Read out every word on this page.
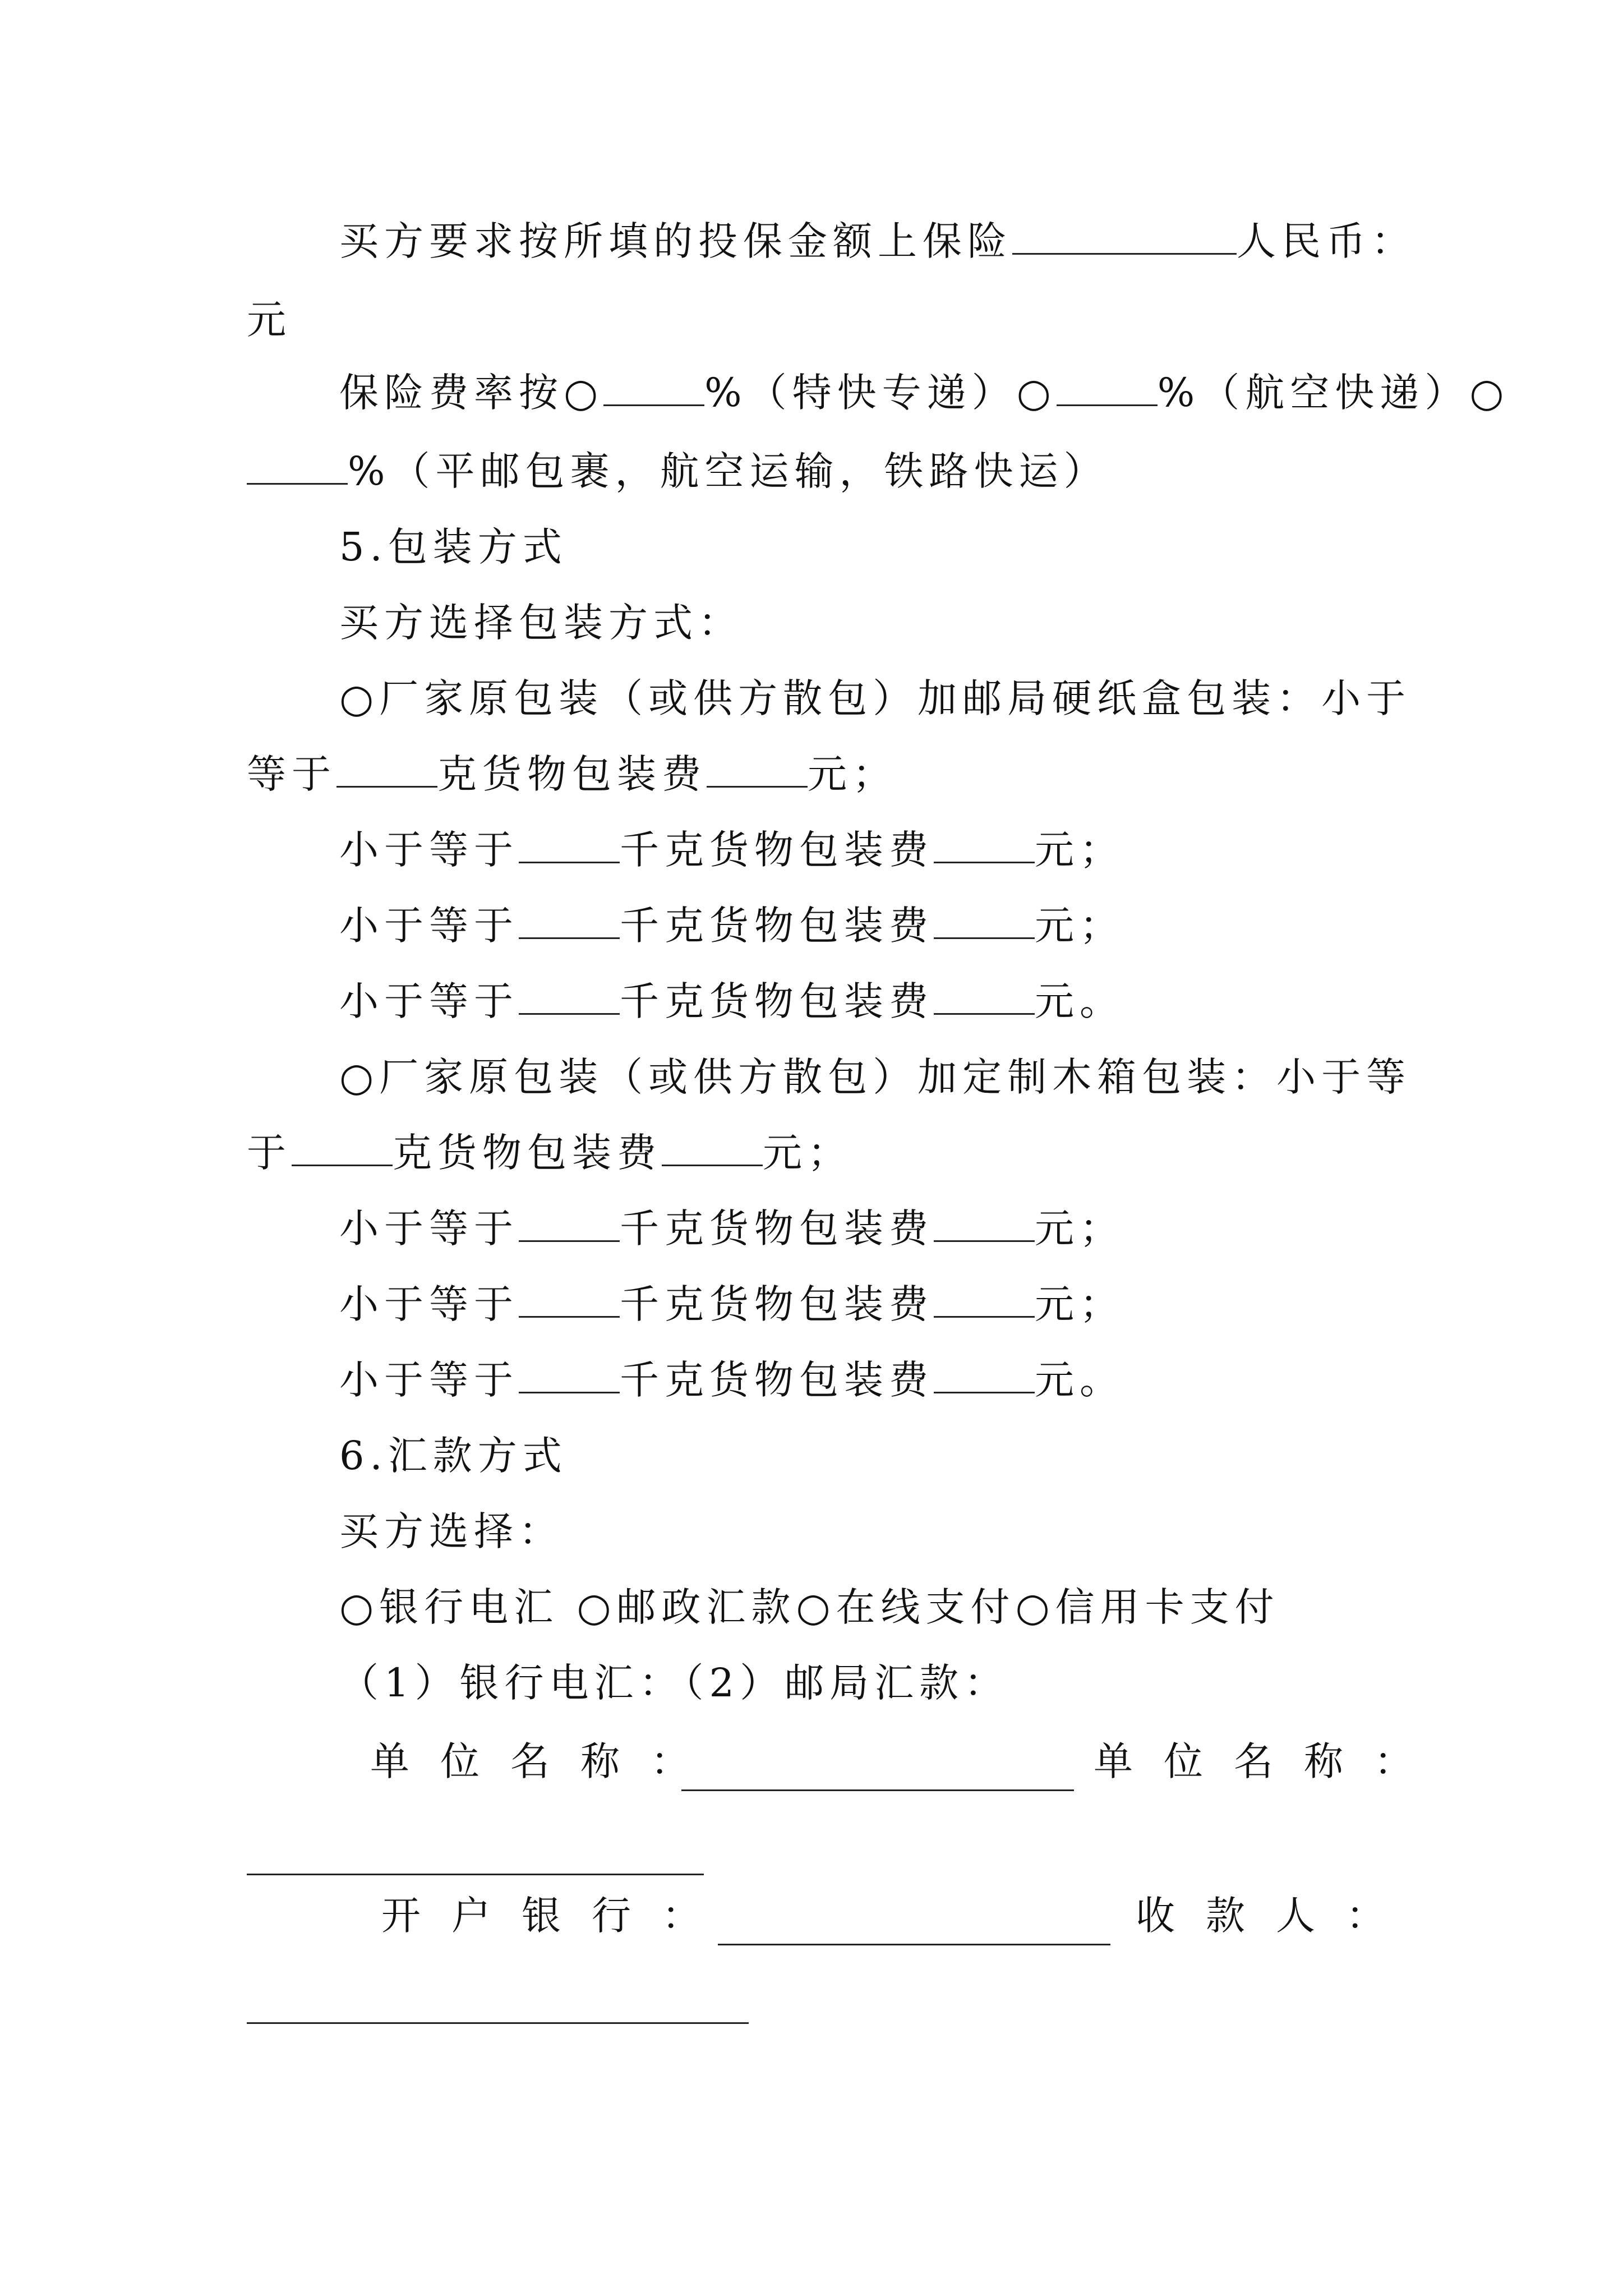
买方要求按所填的投保金额上保险	人民币：
元
保险费率按○	%（特快专递）○	%（航空快递）○
%（平邮包裹，航空运输，铁路快运）
5.包装方式
买方选择包装方式：
○厂家原包装（或供方散包）加邮局硬纸盒包装：小于
等于	克货物包装费	元；
小于等于	千克货物包装费	元；
小于等于	千克货物包装费	元；
小于等于	千克货物包装费	元。
○厂家原包装（或供方散包）加定制木箱包装：小于等
于	克货物包装费	元；
小于等于	千克货物包装费	元；
小于等于	千克货物包装费	元；
小于等于	千克货物包装费	元。
6.汇款方式
买方选择：
○银行电汇 ○邮政汇款○在线支付○信用卡支付
（1）银行电汇：（2）邮局汇款：
单位名称：	单位名称：
开户银行：	收款人：
